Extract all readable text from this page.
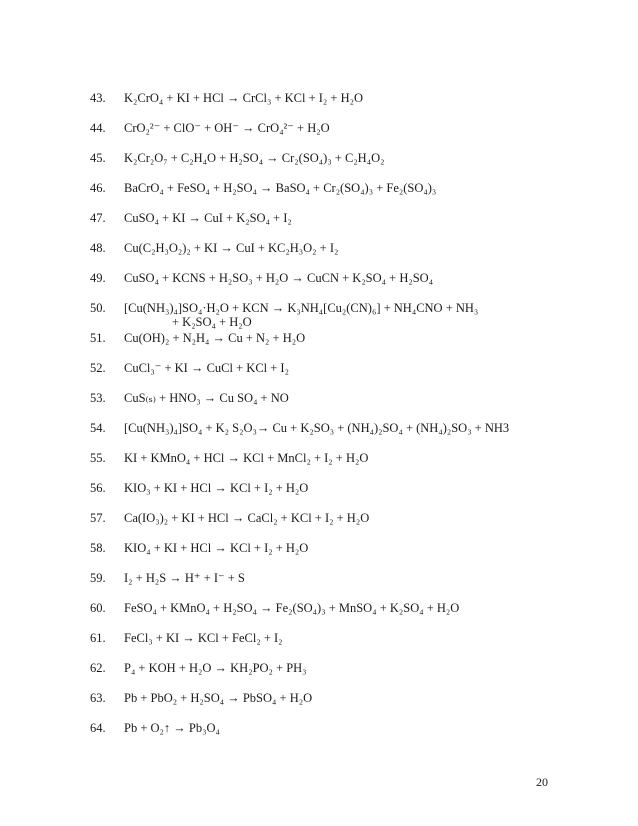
43. K₂CrO₄ + KI + HCl → CrCl₃ + KCl + I₂ + H₂O
44. CrO₂²⁻ + ClO⁻ + OH⁻ → CrO₄²⁻ + H₂O
45. K₂Cr₂O₇ + C₂H₄O + H₂SO₄ → Cr₂(SO₄)₃ + C₂H₄O₂
46. BaCrO₄ + FeSO₄ + H₂SO₄ → BaSO₄ + Cr₂(SO₄)₃ + Fe₂(SO₄)₃
47. CuSO₄ + KI → CuI + K₂SO₄ + I₂
48. Cu(C₂H₃O₂)₂ + KI → CuI + KC₂H₃O₂ + I₂
49. CuSO₄ + KCNS + H₂SO₃ + H₂O → CuCN + K₂SO₄ + H₂SO₄
50. [Cu(NH₃)₄]SO₄·H₂O + KCN → K₃NH₄[Cu₂(CN)₆] + NH₄CNO + NH₃
+ K₂SO₄ + H₂O
51. Cu(OH)₂ + N₂H₄ → Cu + N₂ + H₂O
52. CuCl₃⁻ + KI → CuCl + KCl + I₂
53. CuS₍ₛ₎ + HNO₃ → Cu SO₄ + NO
54. [Cu(NH₃)₄]SO₄ + K₂ S₂O₃→ Cu + K₂SO₃ + (NH₄)₂SO₄ + (NH₄)₂SO₃ + NH3
55. KI + KMnO₄ + HCl → KCl + MnCl₂ + I₂ + H₂O
56. KIO₃ + KI + HCl → KCl + I₂ + H₂O
57. Ca(IO₃)₂ + KI + HCl → CaCl₂ + KCl + I₂ + H₂O
58. KIO₄ + KI + HCl → KCl + I₂ + H₂O
59. I₂ + H₂S → H⁺ + I⁻ + S
60. FeSO₄ + KMnO₄ + H₂SO₄ → Fe₂(SO₄)₃ + MnSO₄ + K₂SO₄ + H₂O
61. FeCl₃ + KI → KCl + FeCl₂ + I₂
62. P₄ + KOH + H₂O → KH₂PO₂ + PH₃
63. Pb + PbO₂ + H₂SO₄ → PbSO₄ + H₂O
64. Pb + O₂↑ → Pb₃O₄
20
